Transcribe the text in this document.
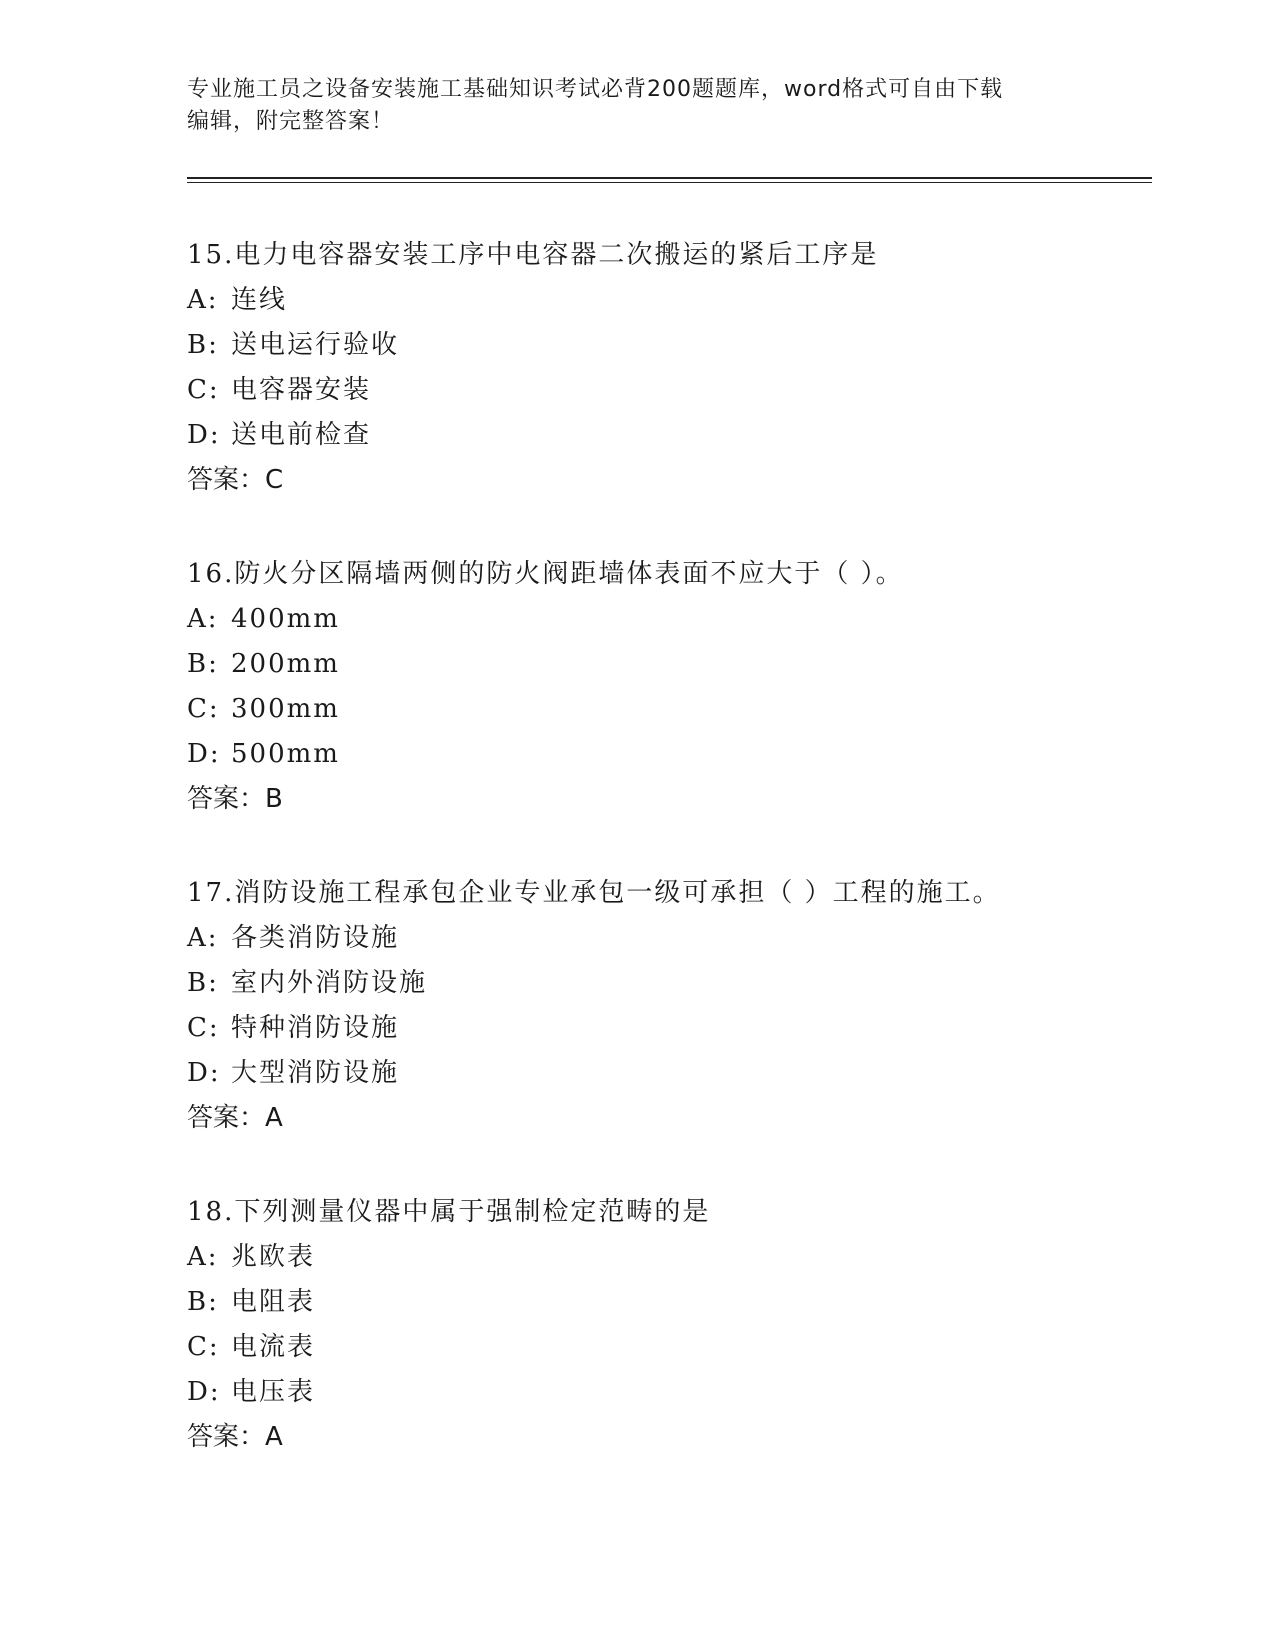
专业施工员之设备安装施工基础知识考试必背200题题库，word格式可自由下载
编辑，附完整答案！
15.电力电容器安装工序中电容器二次搬运的紧后工序是
A: 连线
B: 送电运行验收
C: 电容器安装
D: 送电前检查
答案：C
16.防火分区隔墙两侧的防火阀距墙体表面不应大于（ ）。
A: 400mm
B: 200mm
C: 300mm
D: 500mm
答案：B
17.消防设施工程承包企业专业承包一级可承担（ ）工程的施工。
A: 各类消防设施
B: 室内外消防设施
C: 特种消防设施
D: 大型消防设施
答案：A
18.下列测量仪器中属于强制检定范畴的是
A: 兆欧表
B: 电阻表
C: 电流表
D: 电压表
答案：A
